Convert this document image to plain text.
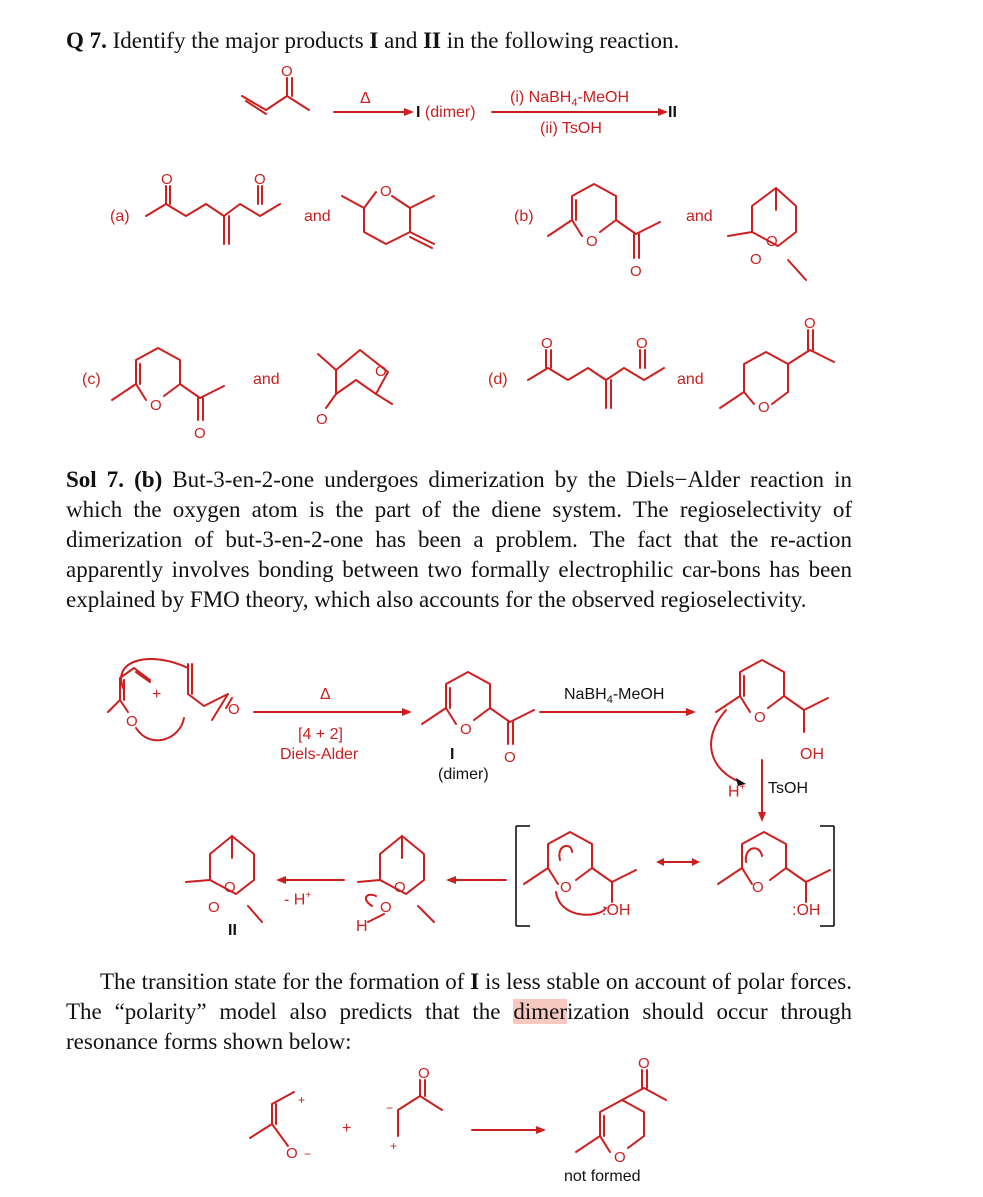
Q 7. Identify the major products I and II in the following reaction.
O
O	O
O
O
O
O
O
O
O
O
O
O	O
O
O
O
O
O
O
O
O
O
O
O
O
O
O −
+
O
−
+
O
O
Δ
I (dimer)
(i) NaBH$_4$-MeOH
(ii) TsOH
II
(a)	and	(b)	and
(c)	and	(d)	and
Sol 7. (b) But-3-en-2-one undergoes dimerization by the Diels−Alder reaction in which the oxygen atom is the part of the diene system. The regioselectivity of dimerization of but-3-en-2-one has been a problem. The fact that the re-action apparently involves bonding between two formally electrophilic car-bons has been explained by FMO theory, which also accounts for the observed regioselectivity.
+	Δ
[4 + 2]
Diels-Alder	I
(dimer)
NaBH$_4$-MeOH
OH
H+ TsOH
- H+
II	H
:OH	:OH
The transition state for the formation of I is less stable on account of polar forces. The “polarity” model also predicts that the dimerization should occur through resonance forms shown below:
+
not formed
